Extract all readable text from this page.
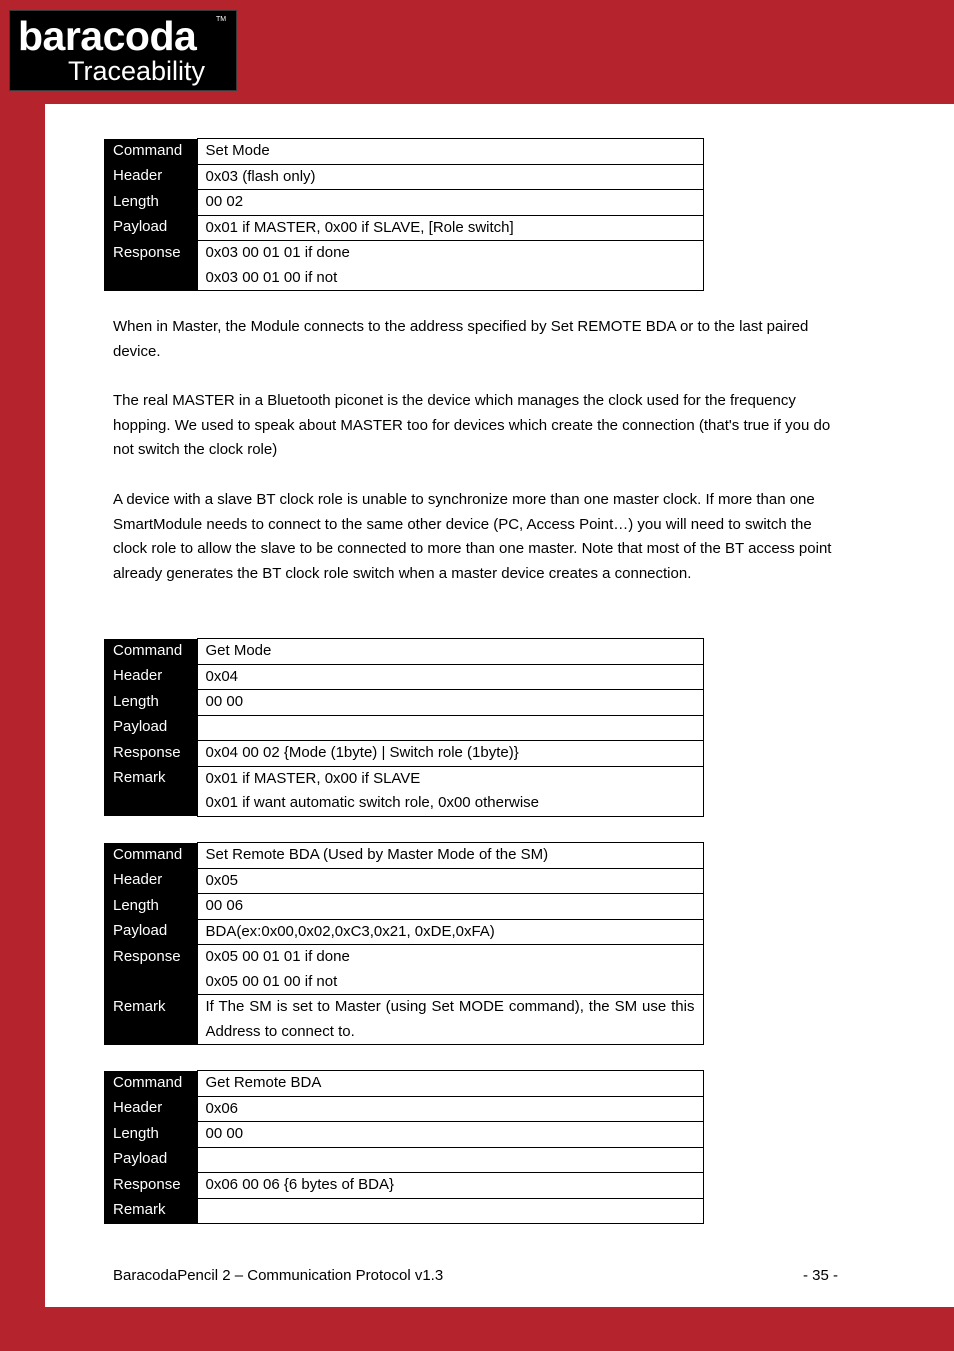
baracoda	TM
Traceability
Command	Set Mode
Header	0x03 (flash only)
Length	00 02
Payload	0x01 if MASTER, 0x00 if SLAVE, [Role switch]
Response	0x03 00 01 01 if done
0x03 00 01 00 if not

When in Master, the Module connects to the address specified by Set REMOTE BDA or to the last paired device.

The real MASTER in a Bluetooth piconet is the device which manages the clock used for the frequency hopping. We used to speak about MASTER too for devices which create the connection (that's true if you do not switch the clock role)

A device with a slave BT clock role is unable to synchronize more than one master clock. If more than one SmartModule needs to connect to the same other device (PC, Access Point…) you will need to switch the clock role to allow the slave to be connected to more than one master. Note that most of the BT access point already generates the BT clock role switch when a master device creates a connection.

Command	Get Mode
Header	0x04
Length	00 00
Payload	
Response	0x04 00 02 {Mode (1byte) | Switch role (1byte)}
Remark	0x01 if MASTER, 0x00 if SLAVE
0x01 if want automatic switch role, 0x00 otherwise
Command	Set Remote BDA (Used by Master Mode of the SM)
Header	0x05
Length	00 06
Payload	BDA(ex:0x00,0x02,0xC3,0x21, 0xDE,0xFA)
Response	0x05 00 01 01 if done
0x05 00 01 00 if not

Remark	If The SM is set to Master (using Set MODE command), the SM use this Address to connect to.
Command	Get Remote BDA
Header	0x06
Length	00 00
Payload	
Response	0x06 00 06 {6 bytes of BDA}
Remark	
BaracodaPencil 2 – Communication Protocol v1.3	- 35 -
